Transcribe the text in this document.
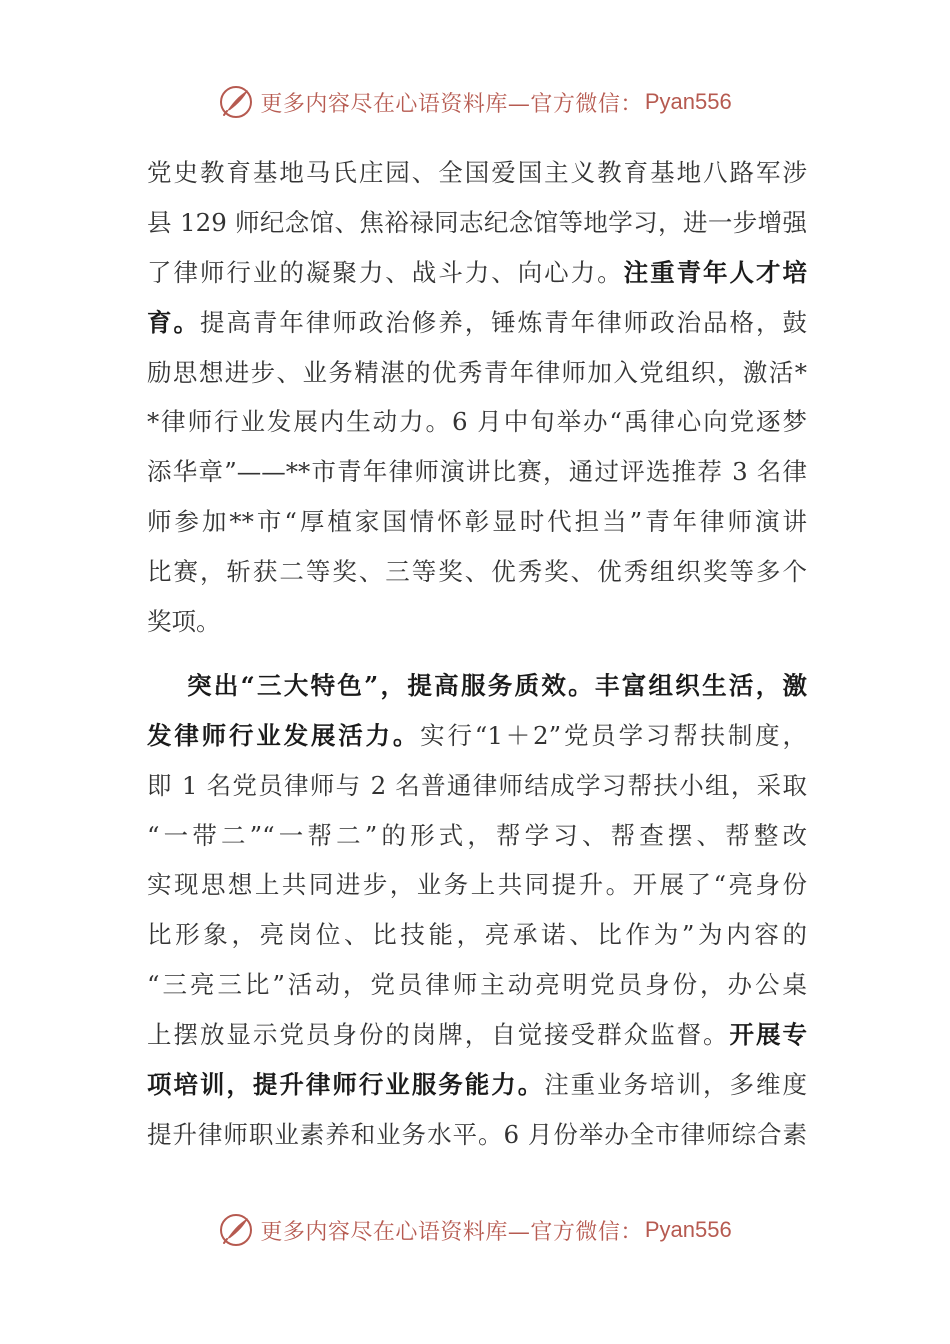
更多内容尽在心语资料库—官方微信： Pyan556
党史教育基地马氏庄园、全国爱国主义教育基地八路军涉
县 129 师纪念馆、焦裕禄同志纪念馆等地学习，进一步增强
了律师行业的凝聚力、战斗力、向心力。注重青年人才培
育。提高青年律师政治修养，锤炼青年律师政治品格，鼓
励思想进步、业务精湛的优秀青年律师加入党组织，激活*
*律师行业发展内生动力。6 月中旬举办“禹律心向党逐梦
添华章”——**市青年律师演讲比赛，通过评选推荐 3 名律
师参加**市“厚植家国情怀彰显时代担当”青年律师演讲
比赛，斩获二等奖、三等奖、优秀奖、优秀组织奖等多个
奖项。
突出“三大特色”，提高服务质效。丰富组织生活，激
发律师行业发展活力。实行“1＋2”党员学习帮扶制度，
即 1 名党员律师与 2 名普通律师结成学习帮扶小组，采取
“一带二”“一帮二”的形式，帮学习、帮查摆、帮整改
实现思想上共同进步，业务上共同提升。开展了“亮身份
比形象，亮岗位、比技能，亮承诺、比作为”为内容的
“三亮三比”活动，党员律师主动亮明党员身份，办公桌
上摆放显示党员身份的岗牌，自觉接受群众监督。开展专
项培训，提升律师行业服务能力。注重业务培训，多维度
提升律师职业素养和业务水平。6 月份举办全市律师综合素
更多内容尽在心语资料库—官方微信： Pyan556
